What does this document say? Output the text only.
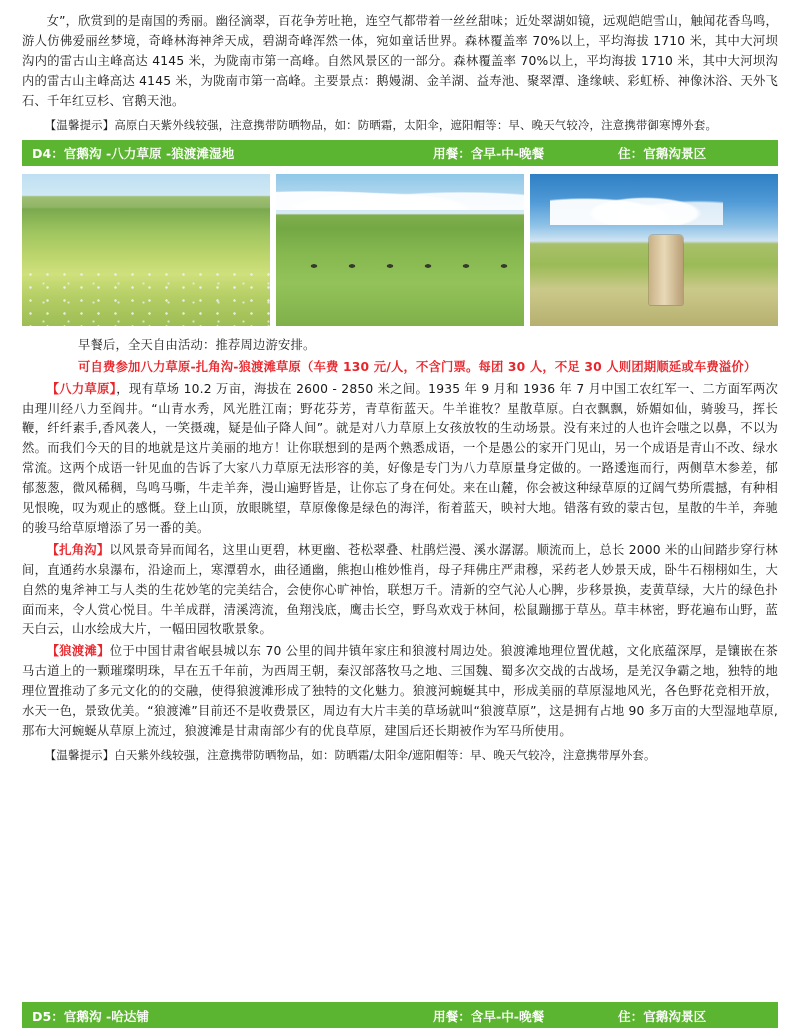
女”，欣赏到的是南国的秀丽。幽径滴翠，百花争芳吐艳，连空气都带着一丝丝甜味；近处翠湖如镜，远观皑皑雪山，触闻花香鸟鸣，游人仿佛爱丽丝梦境，奇峰林海神斧天成，碧湖奇峰浑然一体，宛如童话世界。森林覆盖率 70%以上，平均海拔 1710 米，其中大河坝沟内的雷古山主峰高达 4145 米，为陇南市第一高峰。自然风景区的一部分。森林覆盖率 70%以上，平均海拔 1710 米，其中大河坝沟内的雷古山主峰高达 4145 米，为陇南市第一高峰。主要景点：鹅嫚湖、金羊湖、益寿池、聚翠潭、逢缘峡、彩虹桥、神像沐浴、天外飞石、千年红豆杉、官鹅天池。

【温馨提示】高原白天紫外线较强，注意携带防晒物品，如：防晒霜，太阳伞，遮阳帽等：早、晚天气较冷，注意携带御寒博外套。

D4：官鹅沟 -八力草原 -狼渡滩湿地	用餐：含早-中-晚餐	住：官鹅沟景区

早餐后，全天自由活动：推荐周边游安排。

可自费参加八力草原-扎角沟-狼渡滩草原（车费 130 元/人，不含门票。每团 30 人，不足 30 人则团期顺延或车费溢价）

【八力草原】，现有草场 10.2 万亩，海拔在 2600 - 2850 米之间。1935 年 9 月和 1936 年 7 月中国工农红军一、二方面军两次由理川经八力至阎井。“山青水秀，风光胜江南；野花芬芳，青草衔蓝天。牛羊谁牧？星散草原。白衣飘飘，娇媚如仙，骑骏马，挥长鞭，纤纤素手,香风袭人，一笑摄魂，疑是仙子降人间”。就是对八力草原上女孩放牧的生动场景。没有来过的人也许会嗤之以鼻，不以为然。而我们今天的目的地就是这片美丽的地方！让你联想到的是两个熟悉成语，一个是愚公的家开门见山，另一个成语是青山不改、绿水常流。这两个成语一针见血的告诉了大家八力草原无法形容的美，好像是专门为八力草原量身定做的。一路逶迤而行，两侧草木参差，郁郁葱葱，微风稀稠，鸟鸣马嘶，牛走羊奔，漫山遍野皆是，让你忘了身在何处。来在山麓，你会被这种绿草原的辽阔气势所震撼，有种相见恨晚，叹为观止的感慨。登上山顶，放眼眺望，草原像像是绿色的海洋，衔着蓝天，映衬大地。错落有致的蒙古包，星散的牛羊，奔驰的骏马给草原增添了另一番的美。

【扎角沟】以风景奇异而闻名，这里山更碧，林更幽、苍松翠叠、杜鹃烂漫、溪水潺潺。顺流而上，总长 2000 米的山间踏步穿行林间，直通药水泉瀑布，沿途而上，寒潭碧水，曲径通幽，熊抱山椎妙惟肖，母子拜佛庄严肃穆，采药老人妙景天成，卧牛石栩栩如生，大自然的鬼斧神工与人类的生花妙笔的完美结合，会使你心旷神怡，联想万千。清新的空气沁人心脾，步移景换，麦黄草绿，大片的绿色扑面而来，令人赏心悦目。牛羊成群，清溪湾流，鱼翔浅底，鹰击长空，野鸟欢戏于林间，松鼠蹦挪于草丛。草丰林密，野花遍布山野，蓝天白云，山水绘成大片，一幅田园牧歌景象。

【狼渡滩】位于中国甘肃省岷县城以东 70 公里的闾井镇年家庄和狼渡村周边处。狼渡滩地理位置优越，文化底蕴深厚，是镶嵌在茶马古道上的一颗璀璨明珠，早在五千年前，为西周王朝，秦汉部落牧马之地、三国魏、蜀多次交战的古战场，是羌汉争霸之地，独特的地理位置推动了多元文化的的交融，使得狼渡滩形成了独特的文化魅力。狼渡河蜿蜒其中，形成美丽的草原湿地风光，各色野花竞相开放，水天一色，景致优美。“狼渡滩”目前还不是收费景区，周边有大片丰美的草场就叫“狼渡草原”，这是拥有占地 90 多万亩的大型湿地草原,那布大河蜿蜒从草原上流过，狼渡滩是甘肃南部少有的优良草原，建国后还长期被作为军马所使用。

【温馨提示】白天紫外线较强，注意携带防晒物品，如：防晒霜/太阳伞/遮阳帽等：早、晚天气较冷，注意携带厚外套。

D5：官鹅沟 -哈达铺	用餐：含早-中-晚餐	住：官鹅沟景区
